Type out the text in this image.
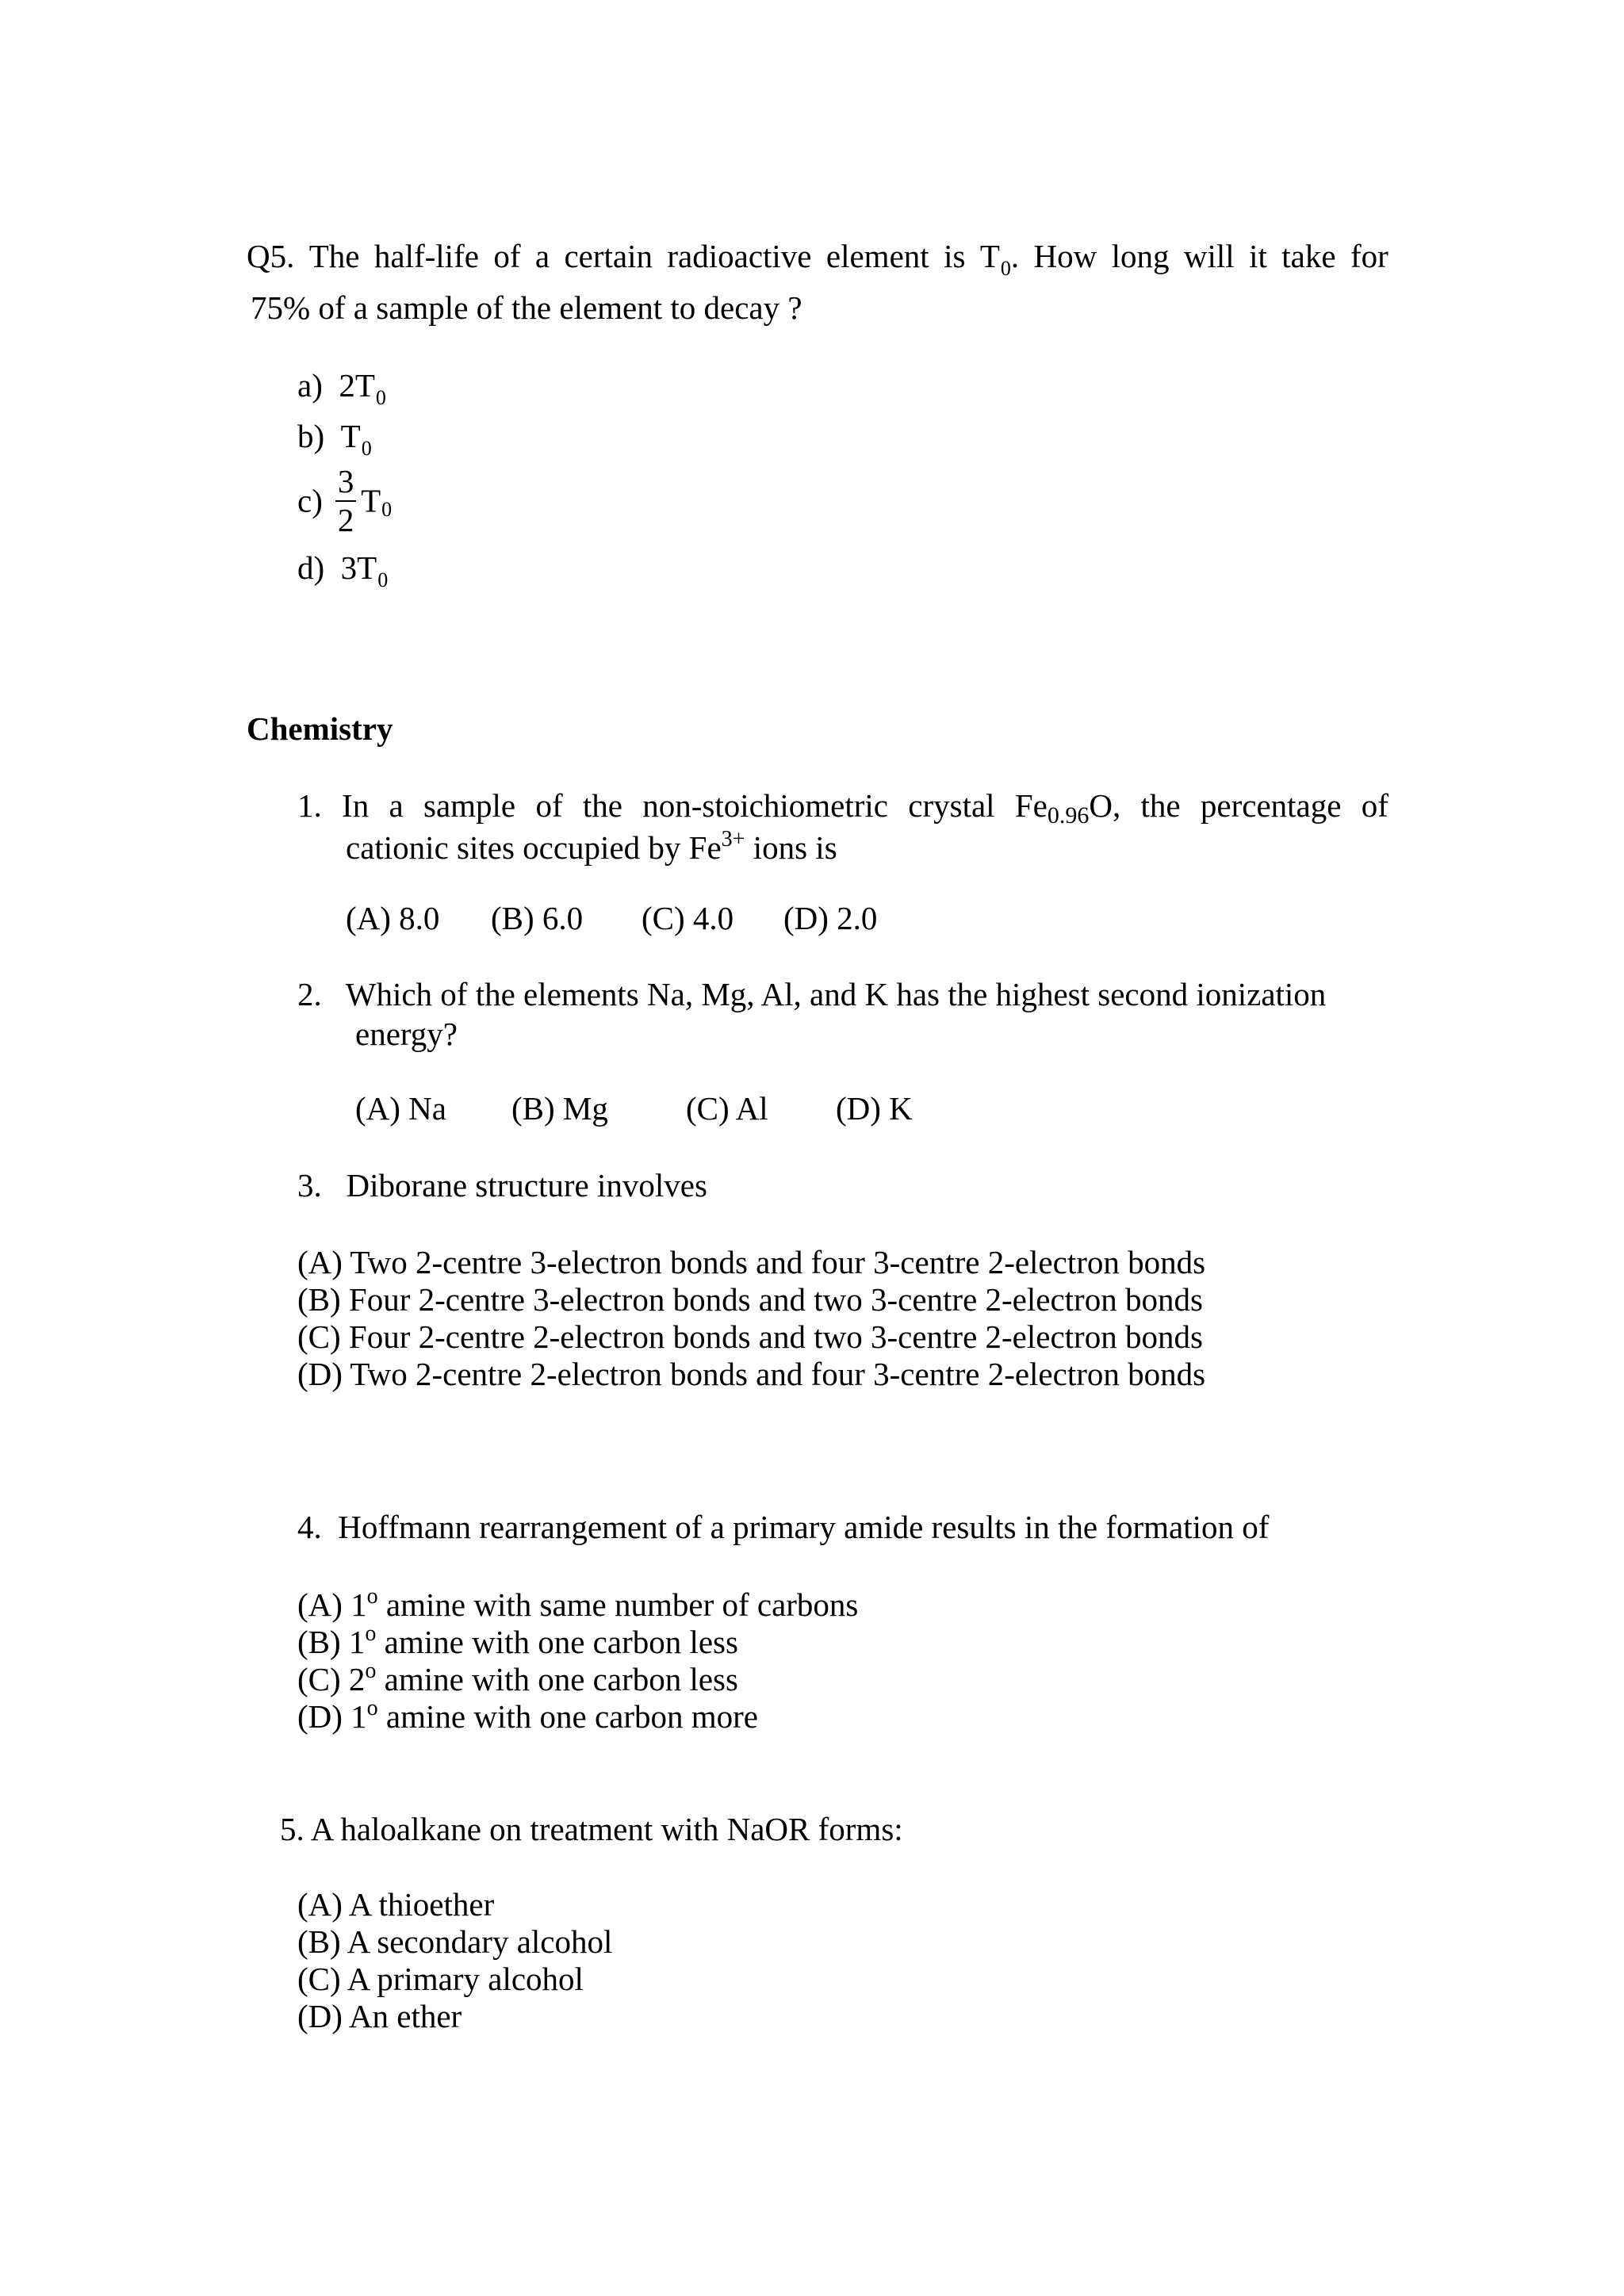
Q5. The half-life of a certain radioactive element is $T_0$. How long will it take for
75% of a sample of the element to decay ?
a) $2T_0$
b) $T_0$
$c) \frac{3}{2} T_0$
d) $3T_0$
Chemistry
1. In a sample of the non-stoichiometric crystal $Fe_{0.96}O$, the percentage of
cationic sites occupied by $Fe^{3+}$ ions is
(A) 8.0 (B) 6.0 (C) 4.0 (D) 2.0
2.   Which of the elements Na, Mg, Al, and K has the highest second ionization
energy?
(A) Na (B) Mg (C) Al (D) K
3.   Diborane structure involves
(A) Two 2-centre 3-electron bonds and four 3-centre 2-electron bonds
(B) Four 2-centre 3-electron bonds and two 3-centre 2-electron bonds
(C) Four 2-centre 2-electron bonds and two 3-centre 2-electron bonds
(D) Two 2-centre 2-electron bonds and four 3-centre 2-electron bonds
4.  Hoffmann rearrangement of a primary amide results in the formation of
(A) 1$^o$ amine with same number of carbons
(B) 1$^o$ amine with one carbon less
(C) 2$^o$ amine with one carbon less
(D) 1$^o$ amine with one carbon more
5. A haloalkane on treatment with NaOR forms:
(A) A thioether
(B) A secondary alcohol
(C) A primary alcohol
(D) An ether
